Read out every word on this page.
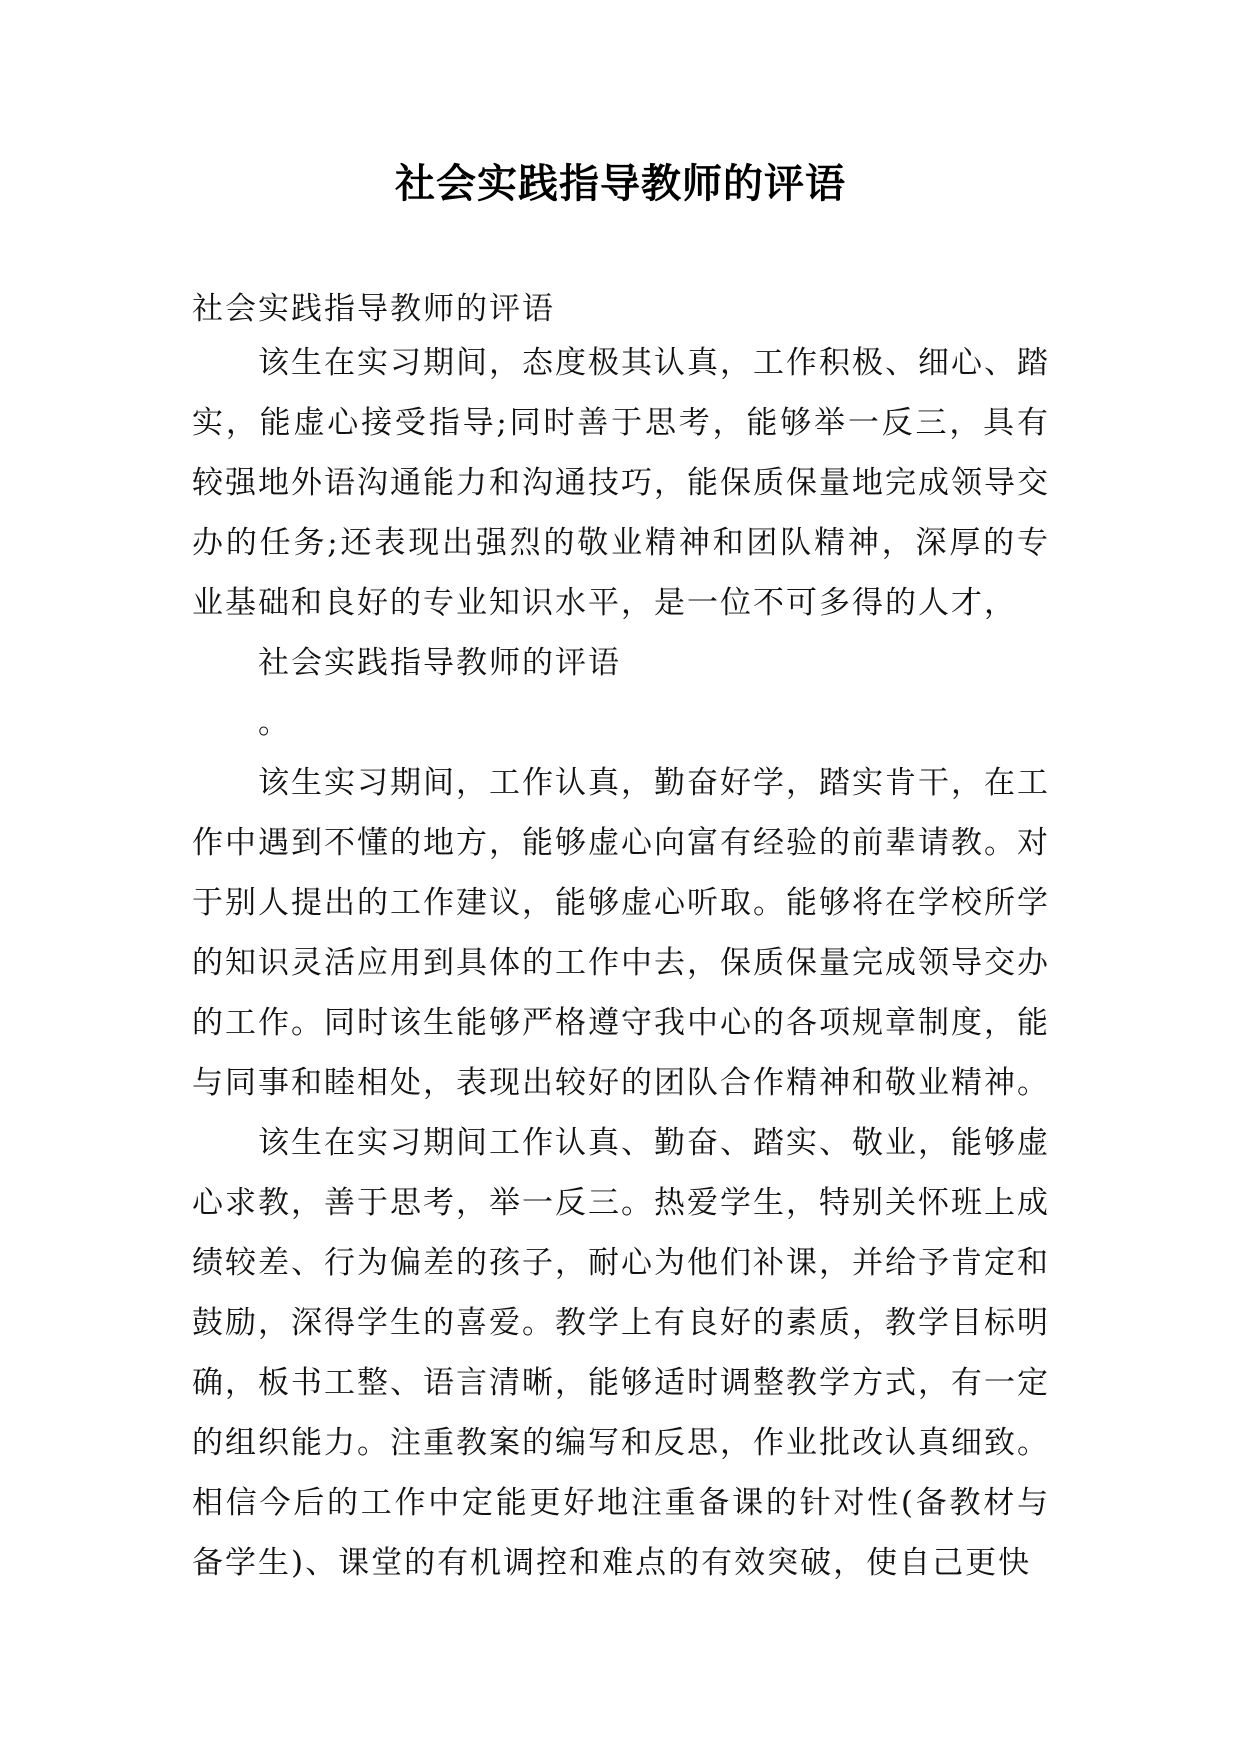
社会实践指导教师的评语

社会实践指导教师的评语

该生在实习期间，态度极其认真，工作积极、细心、踏实，能虚心接受指导;同时善于思考，能够举一反三，具有较强地外语沟通能力和沟通技巧，能保质保量地完成领导交办的任务;还表现出强烈的敬业精神和团队精神，深厚的专业基础和良好的专业知识水平，是一位不可多得的人才，

社会实践指导教师的评语

。

该生实习期间，工作认真，勤奋好学，踏实肯干，在工作中遇到不懂的地方，能够虚心向富有经验的前辈请教。对于别人提出的工作建议，能够虚心听取。能够将在学校所学的知识灵活应用到具体的工作中去，保质保量完成领导交办的工作。同时该生能够严格遵守我中心的各项规章制度，能与同事和睦相处，表现出较好的团队合作精神和敬业精神。

该生在实习期间工作认真、勤奋、踏实、敬业，能够虚心求教，善于思考，举一反三。热爱学生，特别关怀班上成绩较差、行为偏差的孩子，耐心为他们补课，并给予肯定和鼓励，深得学生的喜爱。教学上有良好的素质，教学目标明确，板书工整、语言清晰，能够适时调整教学方式，有一定的组织能力。注重教案的编写和反思，作业批改认真细致。相信今后的工作中定能更好地注重备课的针对性(备教材与备学生)、课堂的有机调控和难点的有效突破，使自己更快
